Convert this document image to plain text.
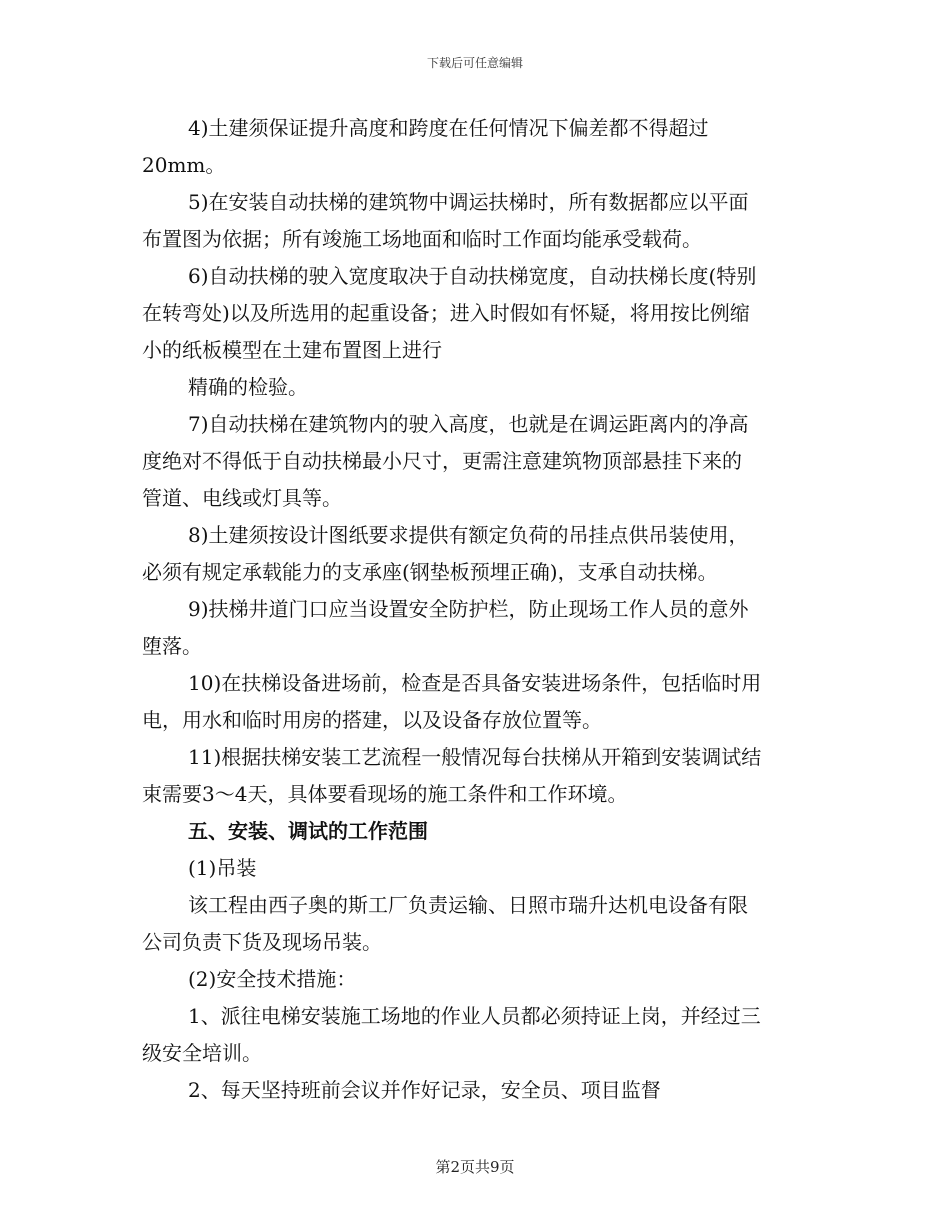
下载后可任意编辑

4)土建须保证提升高度和跨度在任何情况下偏差都不得超过
20mm。

5)在安装自动扶梯的建筑物中调运扶梯时，所有数据都应以平面
布置图为依据；所有竣施工场地面和临时工作面均能承受载荷。

6)自动扶梯的驶入宽度取决于自动扶梯宽度，自动扶梯长度(特别
在转弯处)以及所选用的起重设备；进入时假如有怀疑，将用按比例缩
小的纸板模型在土建布置图上进行

精确的检验。

7)自动扶梯在建筑物内的驶入高度，也就是在调运距离内的净高
度绝对不得低于自动扶梯最小尺寸，更需注意建筑物顶部悬挂下来的
管道、电线或灯具等。

8)土建须按设计图纸要求提供有额定负荷的吊挂点供吊装使用，
必须有规定承载能力的支承座(钢垫板预埋正确)，支承自动扶梯。

9)扶梯井道门口应当设置安全防护栏，防止现场工作人员的意外
堕落。

10)在扶梯设备进场前，检查是否具备安装进场条件，包括临时用
电，用水和临时用房的搭建，以及设备存放位置等。

11)根据扶梯安装工艺流程一般情况每台扶梯从开箱到安装调试结
束需要3～4天，具体要看现场的施工条件和工作环境。

五、安装、调试的工作范围

(1)吊装

该工程由西子奥的斯工厂负责运输、日照市瑞升达机电设备有限
公司负责下货及现场吊装。

(2)安全技术措施：

1、派往电梯安装施工场地的作业人员都必须持证上岗，并经过三
级安全培训。

2、每天坚持班前会议并作好记录，安全员、项目监督

第2页共9页
